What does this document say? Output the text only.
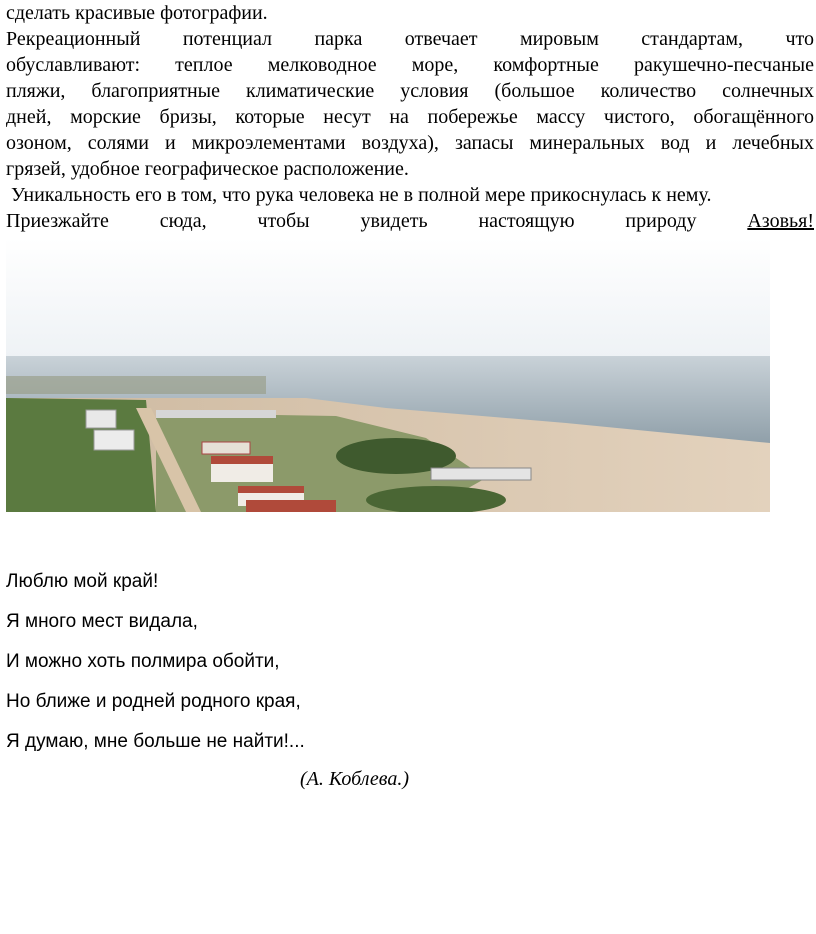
сделать красивые фотографии.
Рекреационный потенциал парка отвечает мировым стандартам, что
обуславливают: теплое мелководное море, комфортные ракушечно-песчаные
пляжи, благоприятные климатические условия (большое количество солнечных
дней, морские бризы, которые несут на побережье массу чистого, обогащённого
озоном, солями и микроэлементами воздуха), запасы минеральных вод и лечебных
грязей, удобное географическое расположение.
Уникальность его в том, что рука человека не в полной мере прикоснулась к нему.
Приезжайте сюда, чтобы увидеть настоящую природу	Азовья!
Люблю мой край!
Я много мест видала,
И можно хоть полмира обойти,
Но ближе и родней родного края,
Я думаю, мне больше не найти!...
(А. Коблева.)
